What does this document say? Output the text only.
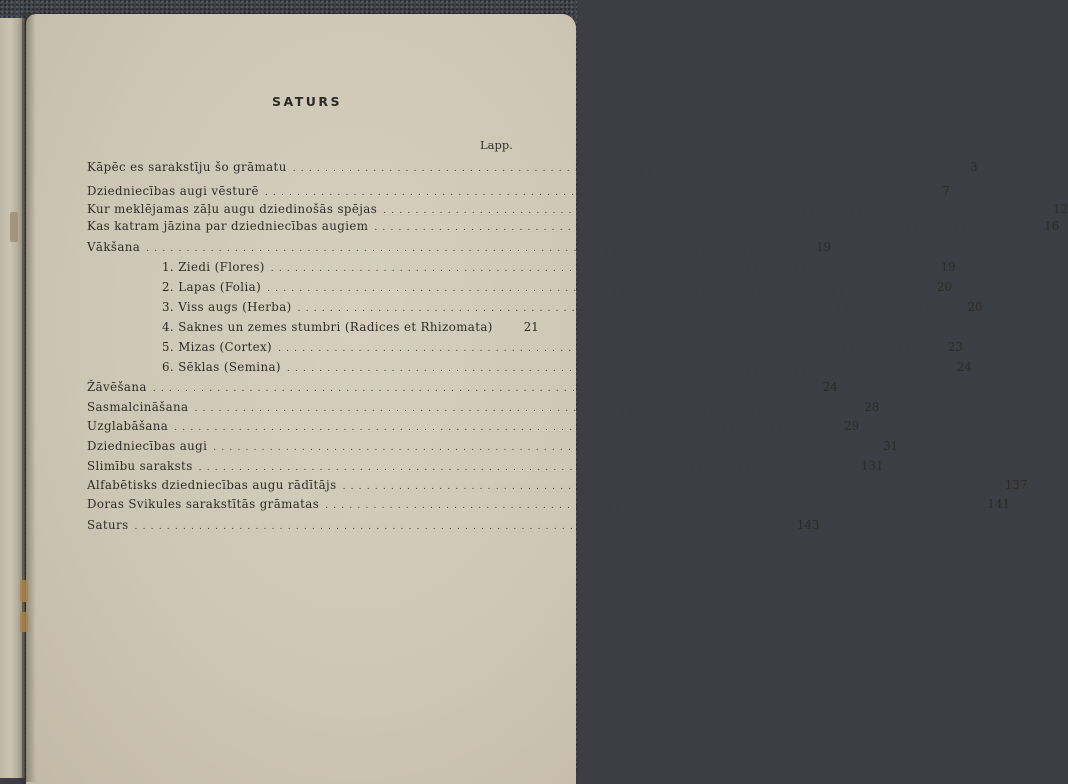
SATURS
Lapp.
Kāpēc es sarakstīju šo grāmatu ................................................................................	3
Dziedniecības augi vēsturē ................................................................................	7
Kur meklējamas zāļu augu dziedinošās spējas ................................................................................	12
Kas katram jāzina par dziedniecības augiem ................................................................................	16
Vākšana ................................................................................	19
1. Ziedi (Flores) ................................................................................	19
2. Lapas (Folia) ................................................................................	20
3. Viss augs (Herba) ................................................................................	20
4. Saknes un zemes stumbri (Radices et Rhizomata)	21
5. Mizas (Cortex) ................................................................................	23
6. Sēklas (Semina) ................................................................................	24
Žāvēšana ................................................................................	24
Sasmalcināšana ................................................................................	28
Uzglabāšana ................................................................................	29
Dziedniecības augi ................................................................................	31
Slimību saraksts ................................................................................	131
Alfabētisks dziedniecības augu rādītājs ................................................................................	137
Doras Svikules sarakstītās grāmatas ................................................................................	141
Saturs ................................................................................	143
